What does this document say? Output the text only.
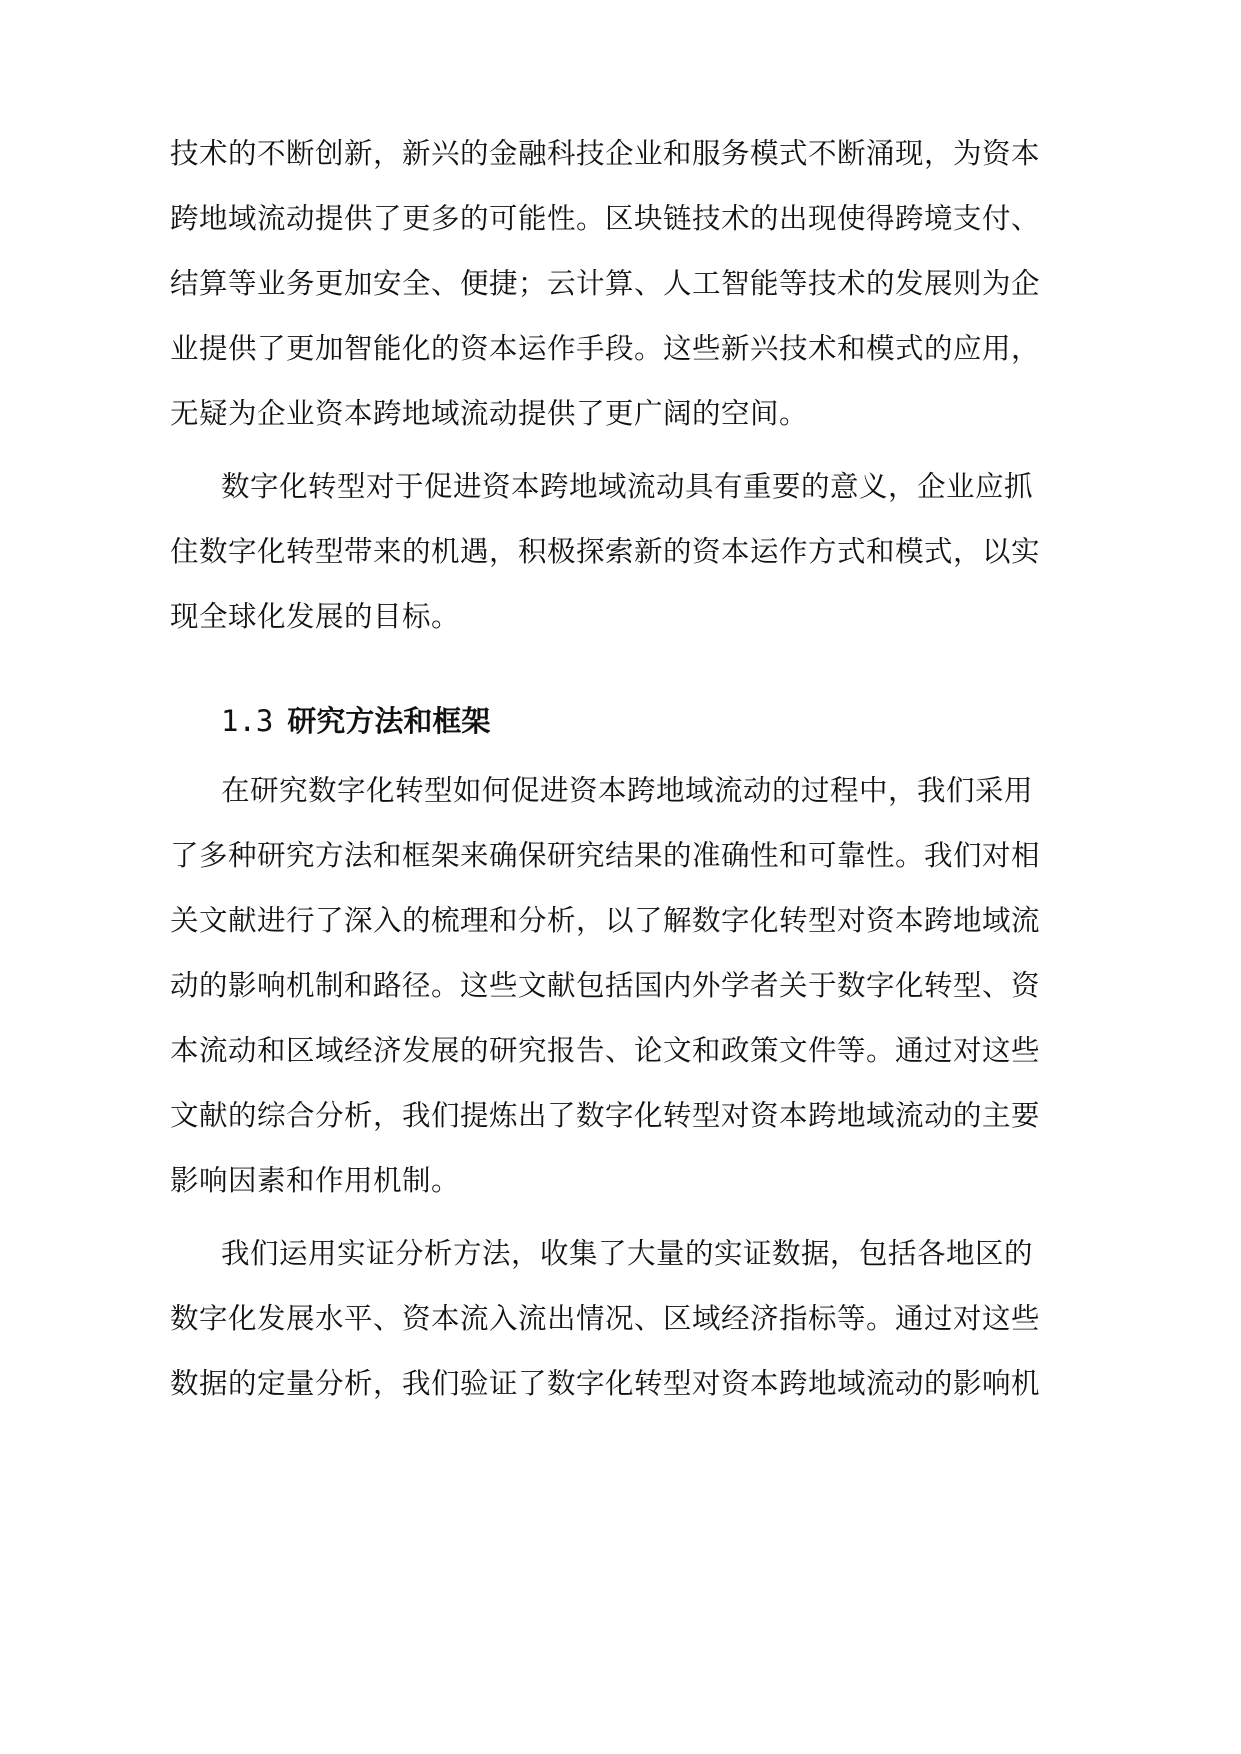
技术的不断创新，新兴的金融科技企业和服务模式不断涌现，为资本
跨地域流动提供了更多的可能性。区块链技术的出现使得跨境支付、
结算等业务更加安全、便捷；云计算、人工智能等技术的发展则为企
业提供了更加智能化的资本运作手段。这些新兴技术和模式的应用，
无疑为企业资本跨地域流动提供了更广阔的空间。
数字化转型对于促进资本跨地域流动具有重要的意义，企业应抓
住数字化转型带来的机遇，积极探索新的资本运作方式和模式，以实
现全球化发展的目标。
1.3 研究方法和框架
在研究数字化转型如何促进资本跨地域流动的过程中，我们采用
了多种研究方法和框架来确保研究结果的准确性和可靠性。我们对相
关文献进行了深入的梳理和分析，以了解数字化转型对资本跨地域流
动的影响机制和路径。这些文献包括国内外学者关于数字化转型、资
本流动和区域经济发展的研究报告、论文和政策文件等。通过对这些
文献的综合分析，我们提炼出了数字化转型对资本跨地域流动的主要
影响因素和作用机制。
我们运用实证分析方法，收集了大量的实证数据，包括各地区的
数字化发展水平、资本流入流出情况、区域经济指标等。通过对这些
数据的定量分析，我们验证了数字化转型对资本跨地域流动的影响机
